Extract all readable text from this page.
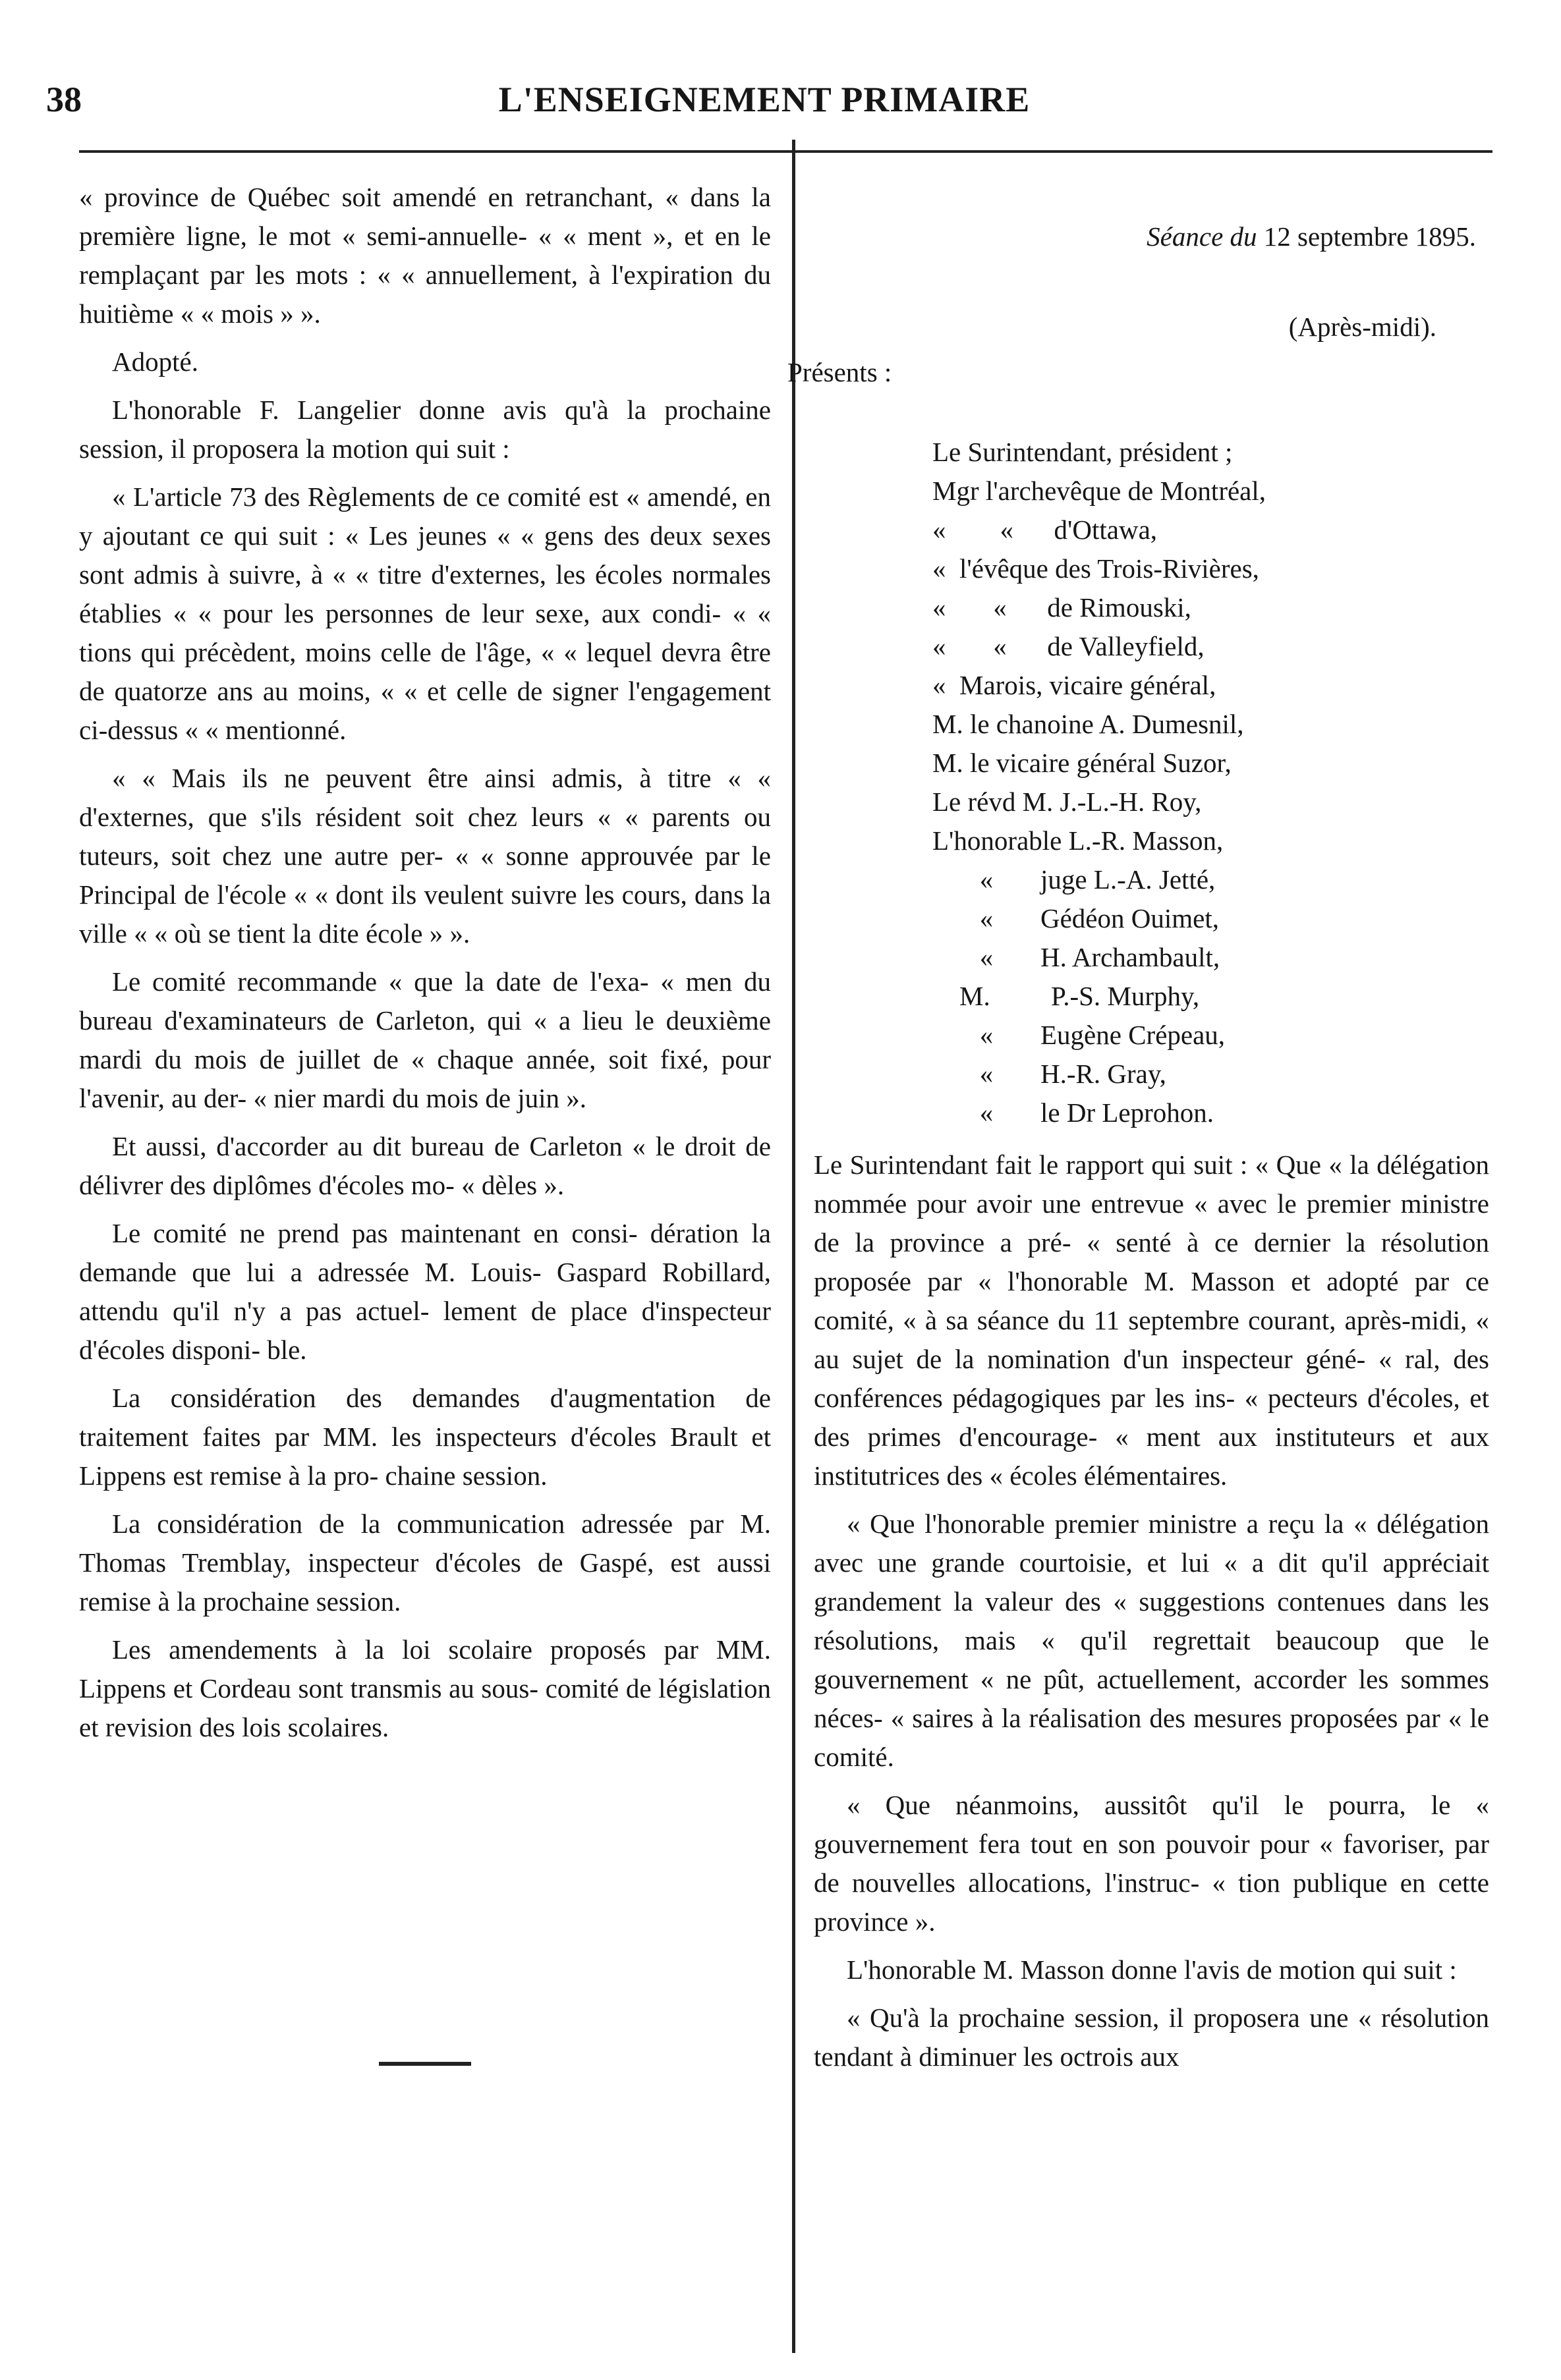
38	L'ENSEIGNEMENT PRIMAIRE

« province de Québec soit amendé en retranchant, « dans la première ligne, le mot « semi-annuelle- « « ment », et en le remplaçant par les mots : « « annuellement, à l'expiration du huitième « « mois » ».

Adopté.

L'honorable F. Langelier donne avis qu'à la prochaine session, il proposera la motion qui suit :

« L'article 73 des Règlements de ce comité est « amendé, en y ajoutant ce qui suit : « Les jeunes « « gens des deux sexes sont admis à suivre, à « « titre d'externes, les écoles normales établies « « pour les personnes de leur sexe, aux condi- « « tions qui précèdent, moins celle de l'âge, « « lequel devra être de quatorze ans au moins, « « et celle de signer l'engagement ci-dessus « « mentionné.

« « Mais ils ne peuvent être ainsi admis, à titre « « d'externes, que s'ils résident soit chez leurs « « parents ou tuteurs, soit chez une autre per- « « sonne approuvée par le Principal de l'école « « dont ils veulent suivre les cours, dans la ville « « où se tient la dite école » ».

Le comité recommande « que la date de l'exa- « men du bureau d'examinateurs de Carleton, qui « a lieu le deuxième mardi du mois de juillet de « chaque année, soit fixé, pour l'avenir, au der- « nier mardi du mois de juin ».

Et aussi, d'accorder au dit bureau de Carleton « le droit de délivrer des diplômes d'écoles mo- « dèles ».

Le comité ne prend pas maintenant en consi- dération la demande que lui a adressée M. Louis- Gaspard Robillard, attendu qu'il n'y a pas actuel- lement de place d'inspecteur d'écoles disponi- ble.

La considération des demandes d'augmentation de traitement faites par MM. les inspecteurs d'écoles Brault et Lippens est remise à la pro- chaine session.

La considération de la communication adressée par M. Thomas Tremblay, inspecteur d'écoles de Gaspé, est aussi remise à la prochaine session.

Les amendements à la loi scolaire proposés par MM. Lippens et Cordeau sont transmis au sous- comité de législation et revision des lois scolaires.

Séance du 12 septembre 1895.
(Après-midi).
Présents :
Le Surintendant, président ;
Mgr l'archevêque de Montréal,
«        «      d'Ottawa,
«  l'évêque des Trois-Rivières,
«       «      de Rimouski,
«       «      de Valleyfield,
«  Marois, vicaire général,
M. le chanoine A. Dumesnil,
M. le vicaire général Suzor,
Le révd M. J.-L.-H. Roy,
L'honorable L.-R. Masson,
«       juge L.-A. Jetté,
«       Gédéon Ouimet,
«       H. Archambault,
M.         P.-S. Murphy,
«       Eugène Crépeau,
«       H.-R. Gray,
«       le Dr Leprohon.

Le Surintendant fait le rapport qui suit : « Que « la délégation nommée pour avoir une entrevue « avec le premier ministre de la province a pré- « senté à ce dernier la résolution proposée par « l'honorable M. Masson et adopté par ce comité, « à sa séance du 11 septembre courant, après-midi, « au sujet de la nomination d'un inspecteur géné- « ral, des conférences pédagogiques par les ins- « pecteurs d'écoles, et des primes d'encourage- « ment aux instituteurs et aux institutrices des « écoles élémentaires.

« Que l'honorable premier ministre a reçu la « délégation avec une grande courtoisie, et lui « a dit qu'il appréciait grandement la valeur des « suggestions contenues dans les résolutions, mais « qu'il regrettait beaucoup que le gouvernement « ne pût, actuellement, accorder les sommes néces- « saires à la réalisation des mesures proposées par « le comité.

« Que néanmoins, aussitôt qu'il le pourra, le « gouvernement fera tout en son pouvoir pour « favoriser, par de nouvelles allocations, l'instruc- « tion publique en cette province ».

L'honorable M. Masson donne l'avis de motion qui suit :

« Qu'à la prochaine session, il proposera une « résolution tendant à diminuer les octrois aux
